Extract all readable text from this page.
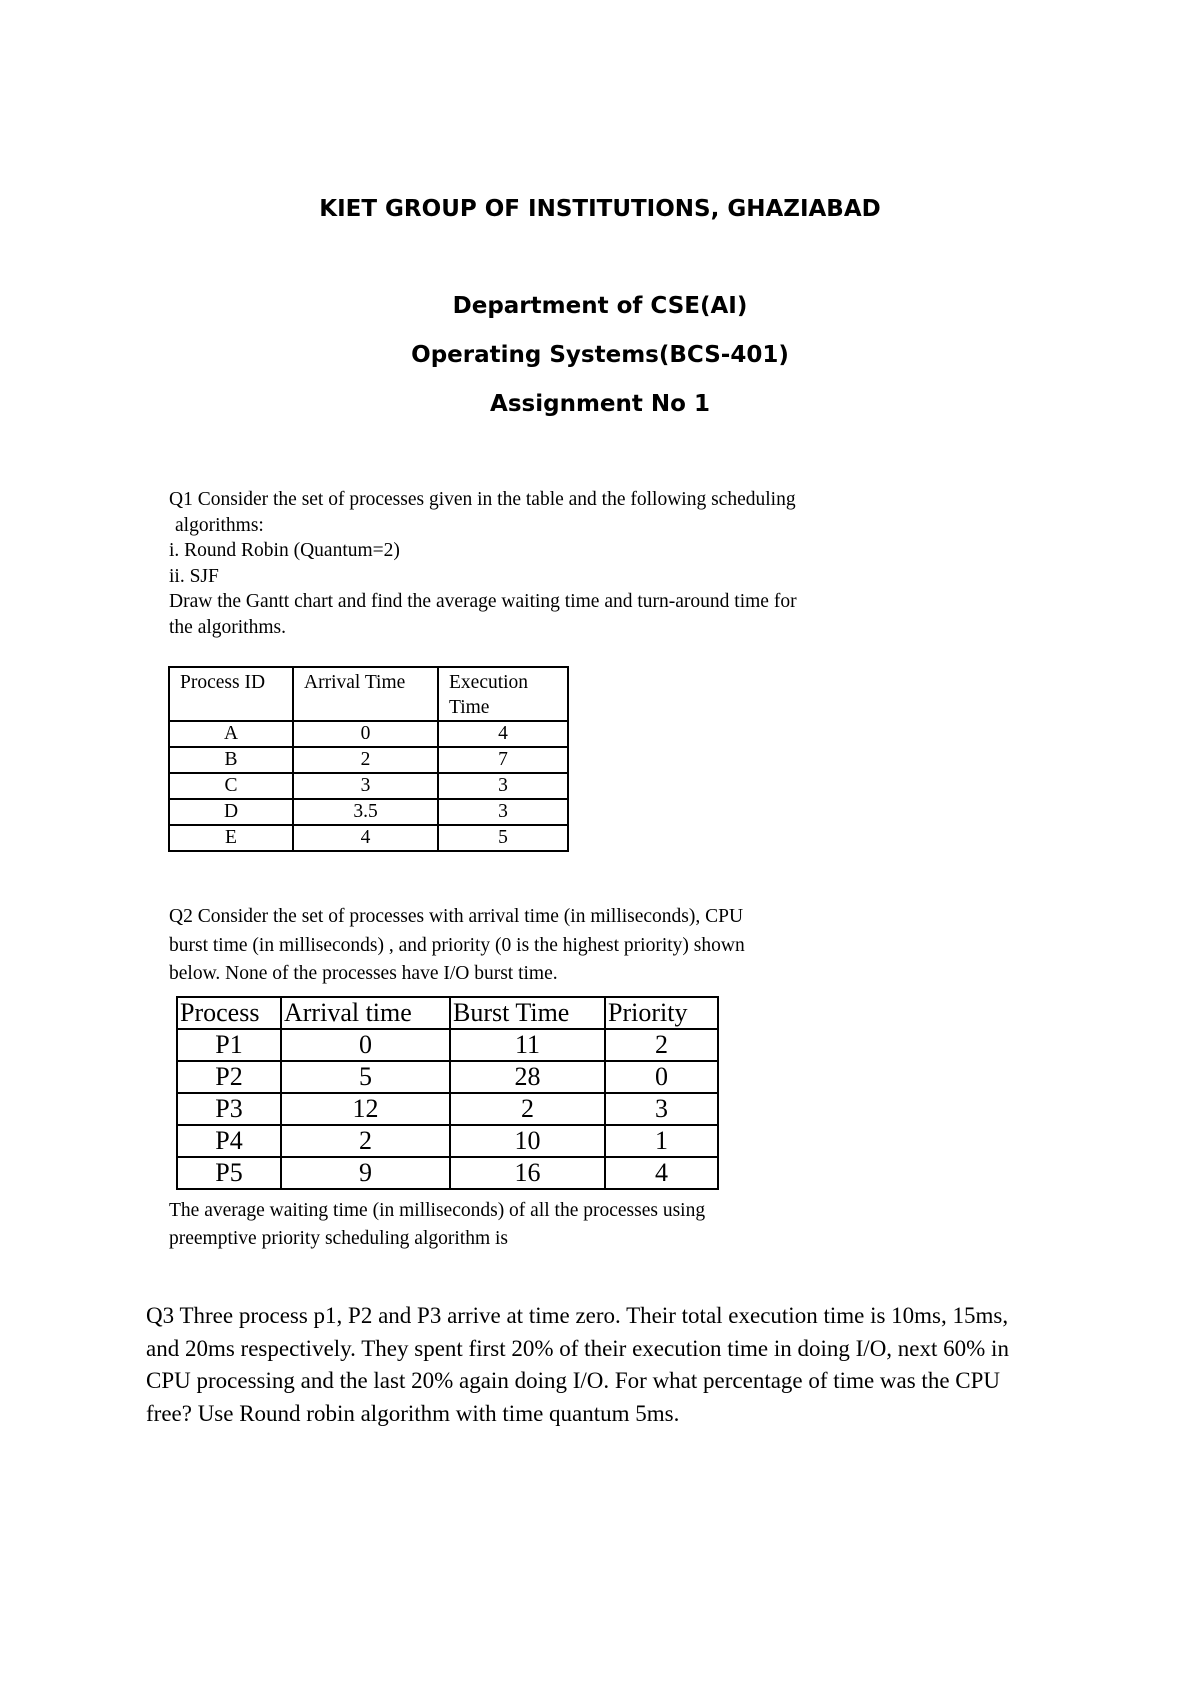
KIET GROUP OF INSTITUTIONS, GHAZIABAD
Department of CSE(AI)
Operating Systems(BCS-401)
Assignment No 1

Q1 Consider the set of processes given in the table and the following scheduling

algorithms:

i. Round Robin (Quantum=2)

ii. SJF

Draw the Gantt chart and find the average waiting time and turn-around time for

the algorithms.

Process ID	Arrival Time	Execution
Time
A	0	4
B	2	7
C	3	3
D	3.5	3
E	4	5

Q2 Consider the set of processes with arrival time (in milliseconds), CPU

burst time (in milliseconds) , and priority (0 is the highest priority) shown

below. None of the processes have I/O burst time.

Process	Arrival time	Burst Time	Priority
P1	0	11	2
P2	5	28	0
P3	12	2	3
P4	2	10	1
P5	9	16	4

The average waiting time (in milliseconds) of all the processes using

preemptive priority scheduling algorithm is

Q3 Three process p1, P2 and P3 arrive at time zero. Their total execution time is 10ms, 15ms,

and 20ms respectively. They spent first 20% of their execution time in doing I/O, next 60% in

CPU processing and the last 20% again doing I/O. For what percentage of time was the CPU

free? Use Round robin algorithm with time quantum 5ms.
